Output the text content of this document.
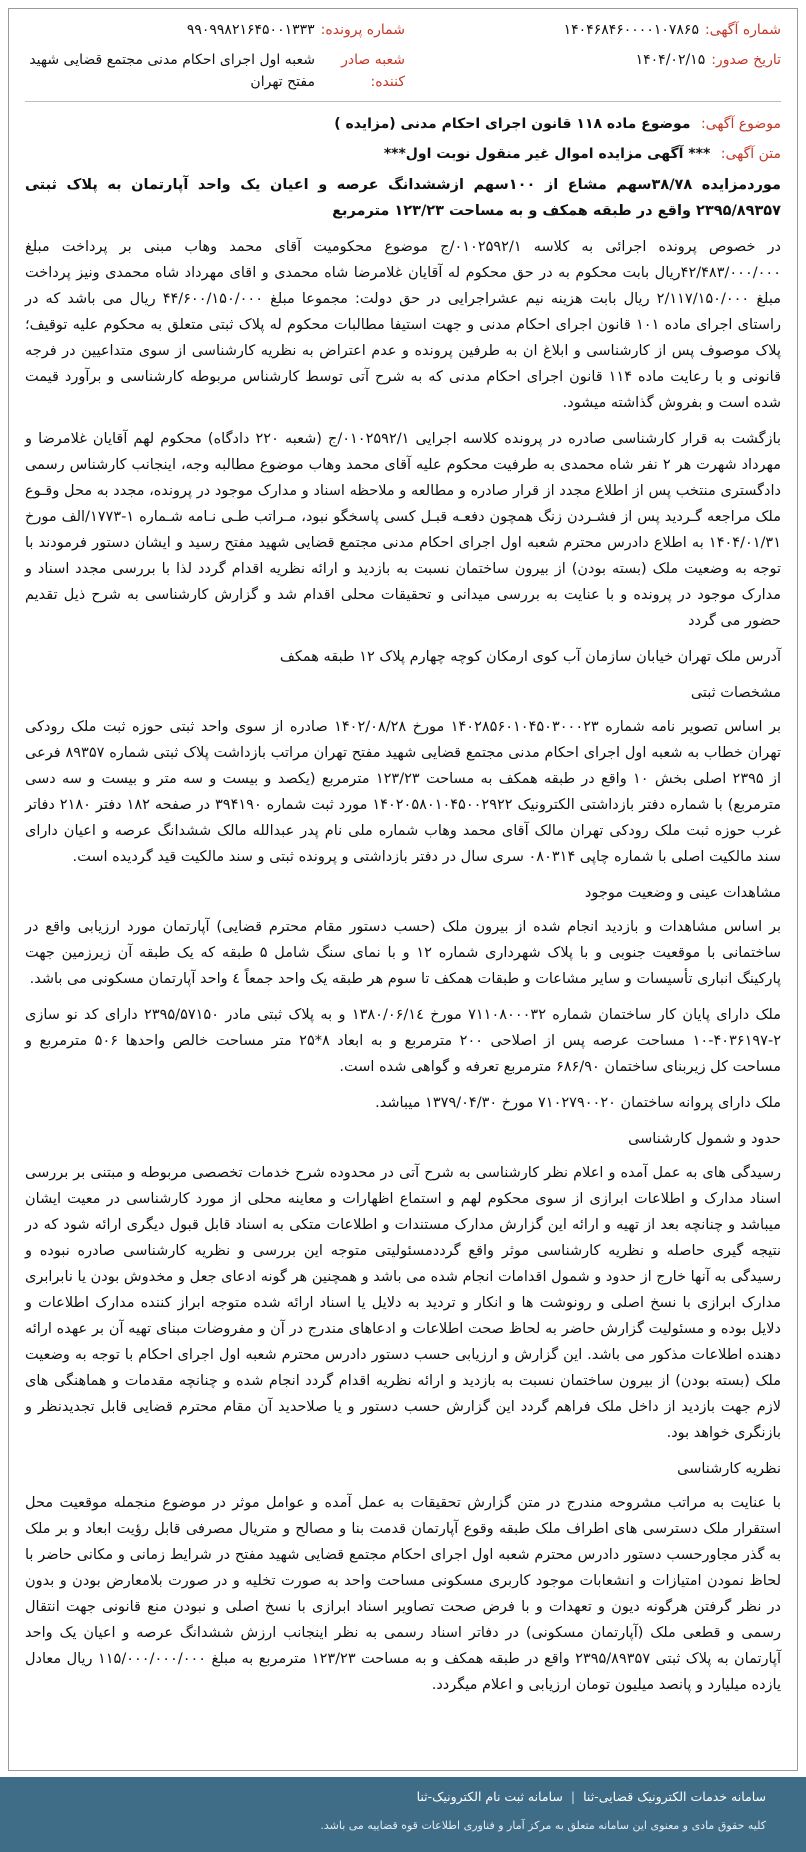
شماره آگهی:
۱۴۰۴۶۸۴۶۰۰۰۰۱۰۷۸۶۵
شماره پرونده:
۹۹۰۹۹۸۲۱۶۴۵۰۰۱۳۳۳
تاریخ صدور:
۱۴۰۴/۰۲/۱۵
شعبه صادر کننده:
شعبه اول اجرای احکام مدنی مجتمع قضایی شهید مفتح تهران
موضوع آگهی: موضوع ماده ۱۱۸ قانون اجرای احکام مدنی (مزایده )
متن آگهی: *** آگهی مزایده اموال غیر منقول نوبت اول***

موردمزایده ۳۸/۷۸سهم مشاع از ۱۰۰سهم ازششدانگ عرصه و اعیان یک واحد آپارتمان به پلاک ثبتی ۲۳۹۵/۸۹۳۵۷ واقع در طبقه همکف و به مساحت ۱۲۳/۲۳ مترمربع

در خصوص پرونده اجرائی به کلاسه ۰۱۰۲۵۹۲/۱/ج موضوع محکومیت آقای محمد وهاب مبنی بر پرداخت مبلغ ۴۲/۴۸۳/۰۰۰/۰۰۰ریال بابت محکوم به در حق محکوم له آقایان غلامرضا شاه محمدی و اقای مهرداد شاه محمدی ونیز پرداخت مبلغ ۲/۱۱۷/۱۵۰/۰۰۰ ریال بابت هزینه نیم عشراجرایی در حق دولت: مجموعا مبلغ ۴۴/۶۰۰/۱۵۰/۰۰۰ ریال می باشد که در راستای اجرای ماده ۱۰۱ قانون اجرای احکام مدنی و جهت استیفا مطالبات محکوم له پلاک ثبتی متعلق به محکوم علیه توقیف؛ پلاک موصوف پس از کارشناسی و ابلاغ ان به طرفین پرونده و عدم اعتراض به نظریه کارشناسی از سوی متداعیین در فرجه قانونی و با رعایت ماده ۱۱۴ قانون اجرای احکام مدنی که به شرح آتی توسط کارشناس مربوطه کارشناسی و برآورد قیمت شده است و بفروش گذاشته میشود.

بازگشت به قرار کارشناسی صادره در پرونده کلاسه اجرایی ۰۱۰۲۵۹۲/۱/ج (شعبه ۲۲۰ دادگاه) محکوم لهم آقایان غلامرضا و مهرداد شهرت هر ۲ نفر شاه محمدی به طرفیت محکوم علیه آقای محمد وهاب موضوع مطالبه وجه، اینجانب کارشناس رسمی دادگستری منتخب پس از اطلاع مجدد از قرار صادره و مطالعه و ملاحظه اسناد و مدارک موجود در پرونده، مجدد به محل وقـوع ملک مراجعه گـردید پس از فشـردن زنگ همچون دفعـه قبـل کسی پاسخگو نبود، مـراتب طـی نـامه شـماره ۱-۱۷۷۳/الف مورخ ۱۴۰۴/۰۱/۳۱ به اطلاع دادرس محترم شعبه اول اجرای احکام مدنی مجتمع قضایی شهید مفتح رسید و ایشان دستور فرمودند با توجه به وضعیت ملک (بسته بودن) از بیرون ساختمان نسبت به بازدید و ارائه نظریه اقدام گردد لذا با بررسی مجدد اسناد و مدارک موجود در پرونده و با عنایت به بررسی میدانی و تحقیقات محلی اقدام شد و گزارش کارشناسی به شرح ذیل تقدیم حضور می گردد

آدرس ملک تهران خیابان سازمان آب کوی ارمکان کوچه چهارم پلاک ۱۲ طبقه همکف

مشخصات ثبتی

بر اساس تصویر نامه شماره ۱۴۰۲۸۵۶۰۱۰۴۵۰۳۰۰۰۲۳ مورخ ۱۴۰۲/۰۸/۲۸ صادره از سوی واحد ثبتی حوزه ثبت ملک رودکی تهران خطاب به شعبه اول اجرای احکام مدنی مجتمع قضایی شهید مفتح تهران مراتب بازداشت پلاک ثبتی شماره ۸۹۳۵۷ فرعی از ۲۳۹۵ اصلی بخش ۱۰ واقع در طبقه همکف به مساحت ۱۲۳/۲۳ مترمربع (یکصد و بیست و سه متر و بیست و سه دسی مترمربع) با شماره دفتر بازداشتی الکترونیک ۱۴۰۲۰۵۸۰۱۰۴۵۰۰۲۹۲۲ مورد ثبت شماره ۳۹۴۱۹۰ در صفحه ۱۸۲ دفتر ۲۱۸۰ دفاتر غرب حوزه ثبت ملک رودکی تهران مالک آقای محمد وهاب شماره ملی نام پدر عبدالله مالک ششدانگ عرصه و اعیان دارای سند مالکیت اصلی با شماره چاپی ۰۸۰۳۱۴ سری سال در دفتر بازداشتی و پرونده ثبتی و سند مالکیت قید گردیده است.

مشاهدات عینی و وضعیت موجود

بر اساس مشاهدات و بازدید انجام شده از بیرون ملک (حسب دستور مقام محترم قضایی) آپارتمان مورد ارزیابی واقع در ساختمانی با موقعیت جنوبی و با پلاک شهرداری شماره ۱۲ و با نمای سنگ شامل ۵ طبقه که یک طبقه آن زیرزمین جهت پارکینگ انباری تأسیسات و سایر مشاعات و طبقات همکف تا سوم هر طبقه یک واحد جمعاً ٤ واحد آپارتمان مسکونی می باشد.

ملک دارای پایان کار ساختمان شماره ۷۱۱۰۸۰۰۰۳۲ مورخ ۱۳۸۰/۰۶/۱٤ و به پلاک ثبتی مادر ۲۳۹۵/۵۷۱۵۰ دارای کد نو سازی ۲-۴۰۳۶۱۹۷-۱۰ مساحت عرصه پس از اصلاحی ۲۰۰ مترمربع و به ابعاد ۸*۲۵ متر مساحت خالص واحدها ۵۰۶ مترمربع و مساحت کل زیربنای ساختمان ۶۸۶/۹۰ مترمربع تعرفه و گواهی شده است.

ملک دارای پروانه ساختمان ۷۱۰۲۷۹۰۰۲۰ مورخ ۱۳۷۹/۰۴/۳۰ میباشد.

حدود و شمول کارشناسی

رسیدگی های به عمل آمده و اعلام نظر کارشناسی به شرح آتی در محدوده شرح خدمات تخصصی مربوطه و مبتنی بر بررسی اسناد مدارک و اطلاعات ابرازی از سوی محکوم لهم و استماع اظهارات و معاینه محلی از مورد کارشناسی در معیت ایشان میباشد و چنانچه بعد از تهیه و ارائه این گزارش مدارک مستندات و اطلاعات متکی به اسناد قابل قبول دیگری ارائه شود که در نتیجه گیری حاصله و نظریه کارشناسی موثر واقع گرددمسئولیتی متوجه این بررسی و نظریه کارشناسی صادره نبوده و رسیدگی به آنها خارج از حدود و شمول اقدامات انجام شده می باشد و همچنین هر گونه ادعای جعل و مخدوش بودن یا نابرابری مدارک ابرازی با نسخ اصلی و رونوشت ها و انکار و تردید به دلایل یا اسناد ارائه شده متوجه ابراز کننده مدارک اطلاعات و دلایل بوده و مسئولیت گزارش حاضر به لحاظ صحت اطلاعات و ادعاهای مندرج در آن و مفروضات مبنای تهیه آن بر عهده ارائه دهنده اطلاعات مذکور می باشد. این گزارش و ارزیابی حسب دستور دادرس محترم شعبه اول اجرای احکام با توجه به وضعیت ملک (بسته بودن) از بیرون ساختمان نسبت به بازدید و ارائه نظریه اقدام گردد انجام شده و چنانچه مقدمات و هماهنگی های لازم جهت بازدید از داخل ملک فراهم گردد این گزارش حسب دستور و یا صلاحدید آن مقام محترم قضایی قابل تجدیدنظر و بازنگری خواهد بود.

نظریه کارشناسی

با عنایت به مراتب مشروحه مندرج در متن گزارش تحقیقات به عمل آمده و عوامل موثر در موضوع منجمله موقعیت محل استقرار ملک دسترسی های اطراف ملک طبقه وقوع آپارتمان قدمت بنا و مصالح و متریال مصرفی قابل رؤیت ابعاد و بر ملک به گذر مجاورحسب دستور دادرس محترم شعبه اول اجرای احکام مجتمع قضایی شهید مفتح در شرایط زمانی و مکانی حاضر با لحاظ نمودن امتیازات و انشعابات موجود کاربری مسکونی مساحت واحد به صورت تخلیه و در صورت بلامعارض بودن و بدون در نظر گرفتن هرگونه دیون و تعهدات و با فرض صحت تصاویر اسناد ابرازی با نسخ اصلی و نبودن منع قانونی جهت انتقال رسمی و قطعی ملک (آپارتمان مسکونی) در دفاتر اسناد رسمی به نظر اینجانب ارزش ششدانگ عرصه و اعیان یک واحد آپارتمان به پلاک ثبتی ۲۳۹۵/۸۹۳۵۷ واقع در طبقه همکف و به مساحت ۱۲۳/۲۳ مترمربع به مبلغ ۱۱۵/۰۰۰/۰۰۰/۰۰۰ ریال معادل یازده میلیارد و پانصد میلیون تومان ارزیابی و اعلام میگردد.

سامانه خدمات الکترونیک قضایی-ثنا
|
سامانه ثبت نام الکترونیک-ثنا
کلیه حقوق مادی و معنوی این سامانه متعلق به مرکز آمار و فناوری اطلاعات قوه قضاییه می باشد.
